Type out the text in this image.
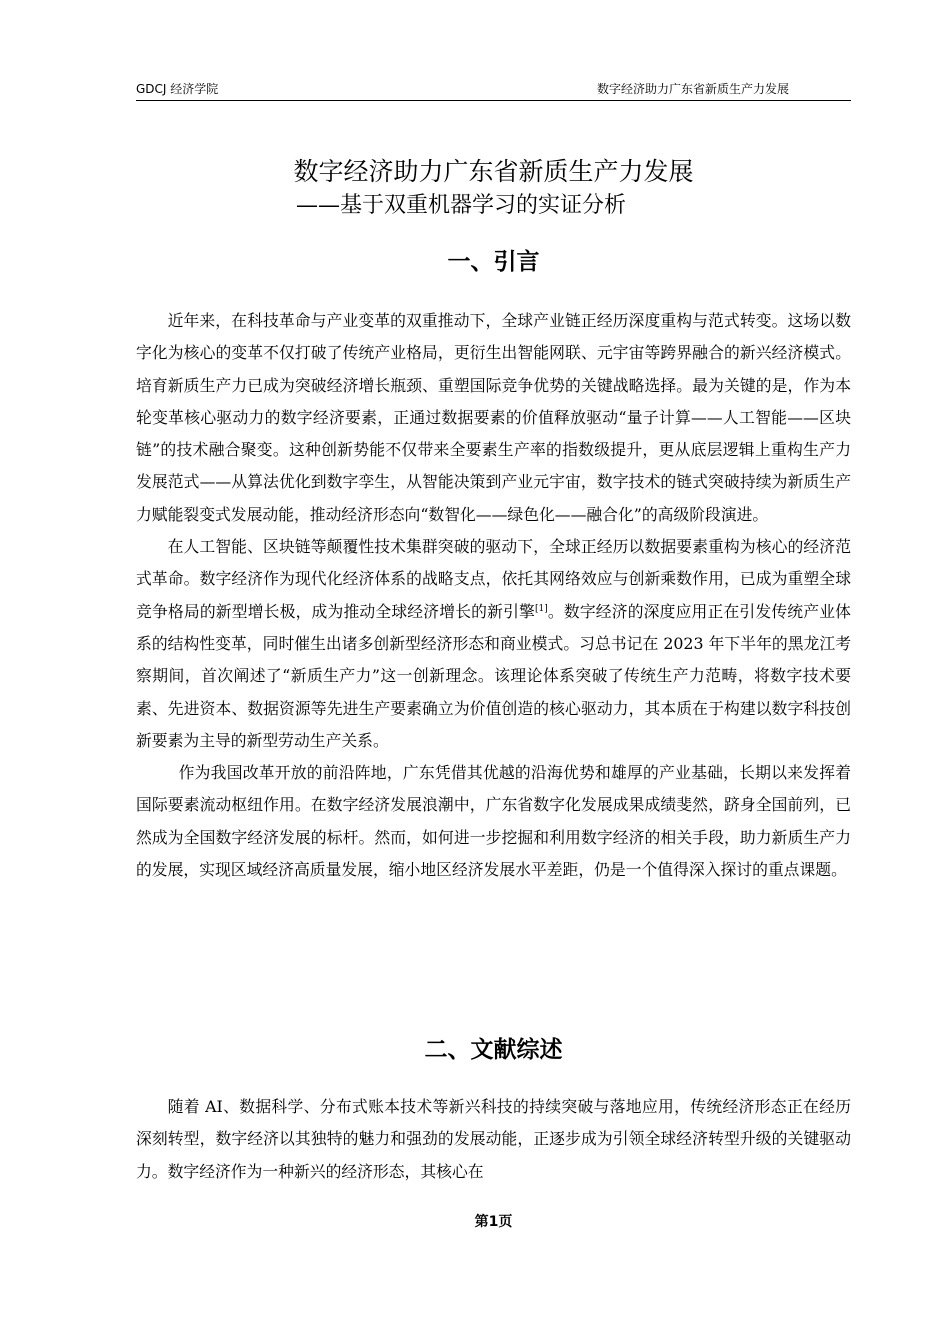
GDCJ 经济学院	数字经济助力广东省新质生产力发展
数字经济助力广东省新质生产力发展
——基于双重机器学习的实证分析
一、引言

近年来，在科技革命与产业变革的双重推动下，全球产业链正经历深度重构与范式转变。这场以数字化为核心的变革不仅打破了传统产业格局，更衍生出智能网联、元宇宙等跨界融合的新兴经济模式。培育新质生产力已成为突破经济增长瓶颈、重塑国际竞争优势的关键战略选择。最为关键的是，作为本轮变革核心驱动力的数字经济要素，正通过数据要素的价值释放驱动“量子计算——人工智能——区块链”的技术融合聚变。这种创新势能不仅带来全要素生产率的指数级提升，更从底层逻辑上重构生产力发展范式——从算法优化到数字孪生，从智能决策到产业元宇宙，数字技术的链式突破持续为新质生产力赋能裂变式发展动能，推动经济形态向“数智化——绿色化——融合化”的高级阶段演进。

在人工智能、区块链等颠覆性技术集群突破的驱动下，全球正经历以数据要素重构为核心的经济范式革命。数字经济作为现代化经济体系的战略支点，依托其网络效应与创新乘数作用，已成为重塑全球竞争格局的新型增长极，成为推动全球经济增长的新引擎[1]。数字经济的深度应用正在引发传统产业体系的结构性变革，同时催生出诸多创新型经济形态和商业模式。习总书记在 2023 年下半年的黑龙江考察期间，首次阐述了“新质生产力”这一创新理念。该理论体系突破了传统生产力范畴，将数字技术要素、先进资本、数据资源等先进生产要素确立为价值创造的核心驱动力，其本质在于构建以数字科技创新要素为主导的新型劳动生产关系。

作为我国改革开放的前沿阵地，广东凭借其优越的沿海优势和雄厚的产业基础，长期以来发挥着国际要素流动枢纽作用。在数字经济发展浪潮中，广东省数字化发展成果成绩斐然，跻身全国前列，已然成为全国数字经济发展的标杆。然而，如何进一步挖掘和利用数字经济的相关手段，助力新质生产力的发展，实现区域经济高质量发展，缩小地区经济发展水平差距，仍是一个值得深入探讨的重点课题。

二、文献综述

随着 AI、数据科学、分布式账本技术等新兴科技的持续突破与落地应用，传统经济形态正在经历深刻转型，数字经济以其独特的魅力和强劲的发展动能，正逐步成为引领全球经济转型升级的关键驱动力。数字经济作为一种新兴的经济形态，其核心在

第1页
